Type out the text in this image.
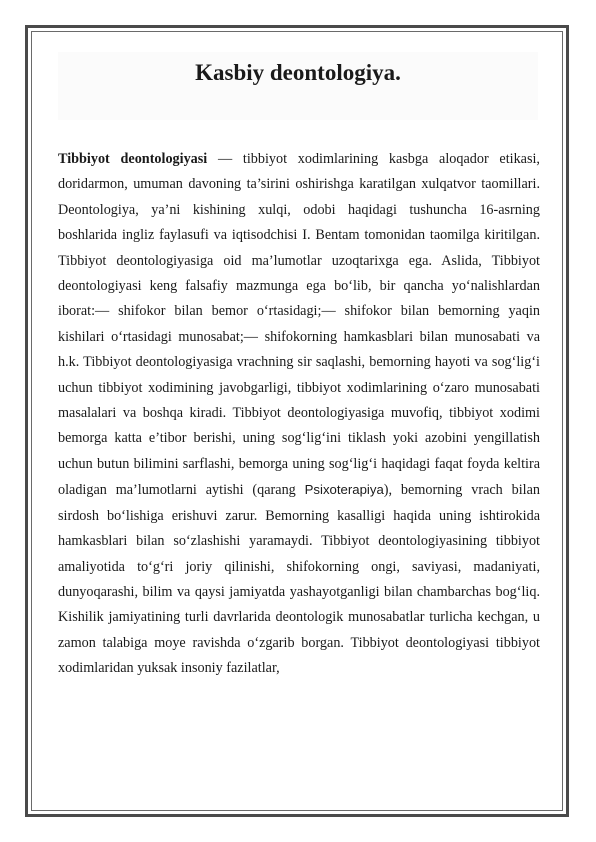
Kasbiy deontologiya.

Tibbiyot deontologiyasi — tibbiyot xodimlarining kasbga aloqador etikasi, doridarmon, umuman davoning ta’sirini oshirishga karatilgan xulqatvor taomillari. Deontologiya, ya’ni kishining xulqi, odobi haqidagi tushuncha 16-asrning boshlarida ingliz faylasufi va iqtisodchisi I. Bentam tomonidan taomilga kiritilgan. Tibbiyot deontologiyasiga oid ma’lumotlar uzoqtarixga ega. Aslida, Tibbiyot deontologiyasi keng falsafiy mazmunga ega bo‘lib, bir qancha yo‘nalishlardan iborat:— shifokor bilan bemor o‘rtasidagi;— shifokor bilan bemorning yaqin kishilari o‘rtasidagi munosabat;— shifokorning hamkasblari bilan munosabati va h.k. Tibbiyot deontologiyasiga vrachning sir saqlashi, bemorning hayoti va sog‘lig‘i uchun tibbiyot xodimining javobgarligi, tibbiyot xodimlarining o‘zaro munosabati masalalari va boshqa kiradi. Tibbiyot deontologiyasiga muvofiq, tibbiyot xodimi bemorga katta e’tibor berishi, uning sog‘lig‘ini tiklash yoki azobini yengillatish uchun butun bilimini sarflashi, bemorga uning sog‘lig‘i haqidagi faqat foyda keltira oladigan ma’lumotlarni aytishi (qarang Psixoterapiya), bemorning vrach bilan sirdosh bo‘lishiga erishuvi zarur. Bemorning kasalligi haqida uning ishtirokida hamkasblari bilan so‘zlashishi yaramaydi. Tibbiyot deontologiyasining tibbiyot amaliyotida to‘g‘ri joriy qilinishi, shifokorning ongi, saviyasi, madaniyati, dunyoqarashi, bilim va qaysi jamiyatda yashayotganligi bilan chambarchas bog‘liq. Kishilik jamiyatining turli davrlarida deontologik munosabatlar turlicha kechgan, u zamon talabiga moye ravishda o‘zgarib borgan. Tibbiyot deontologiyasi tibbiyot xodimlaridan yuksak insoniy fazilatlar,
